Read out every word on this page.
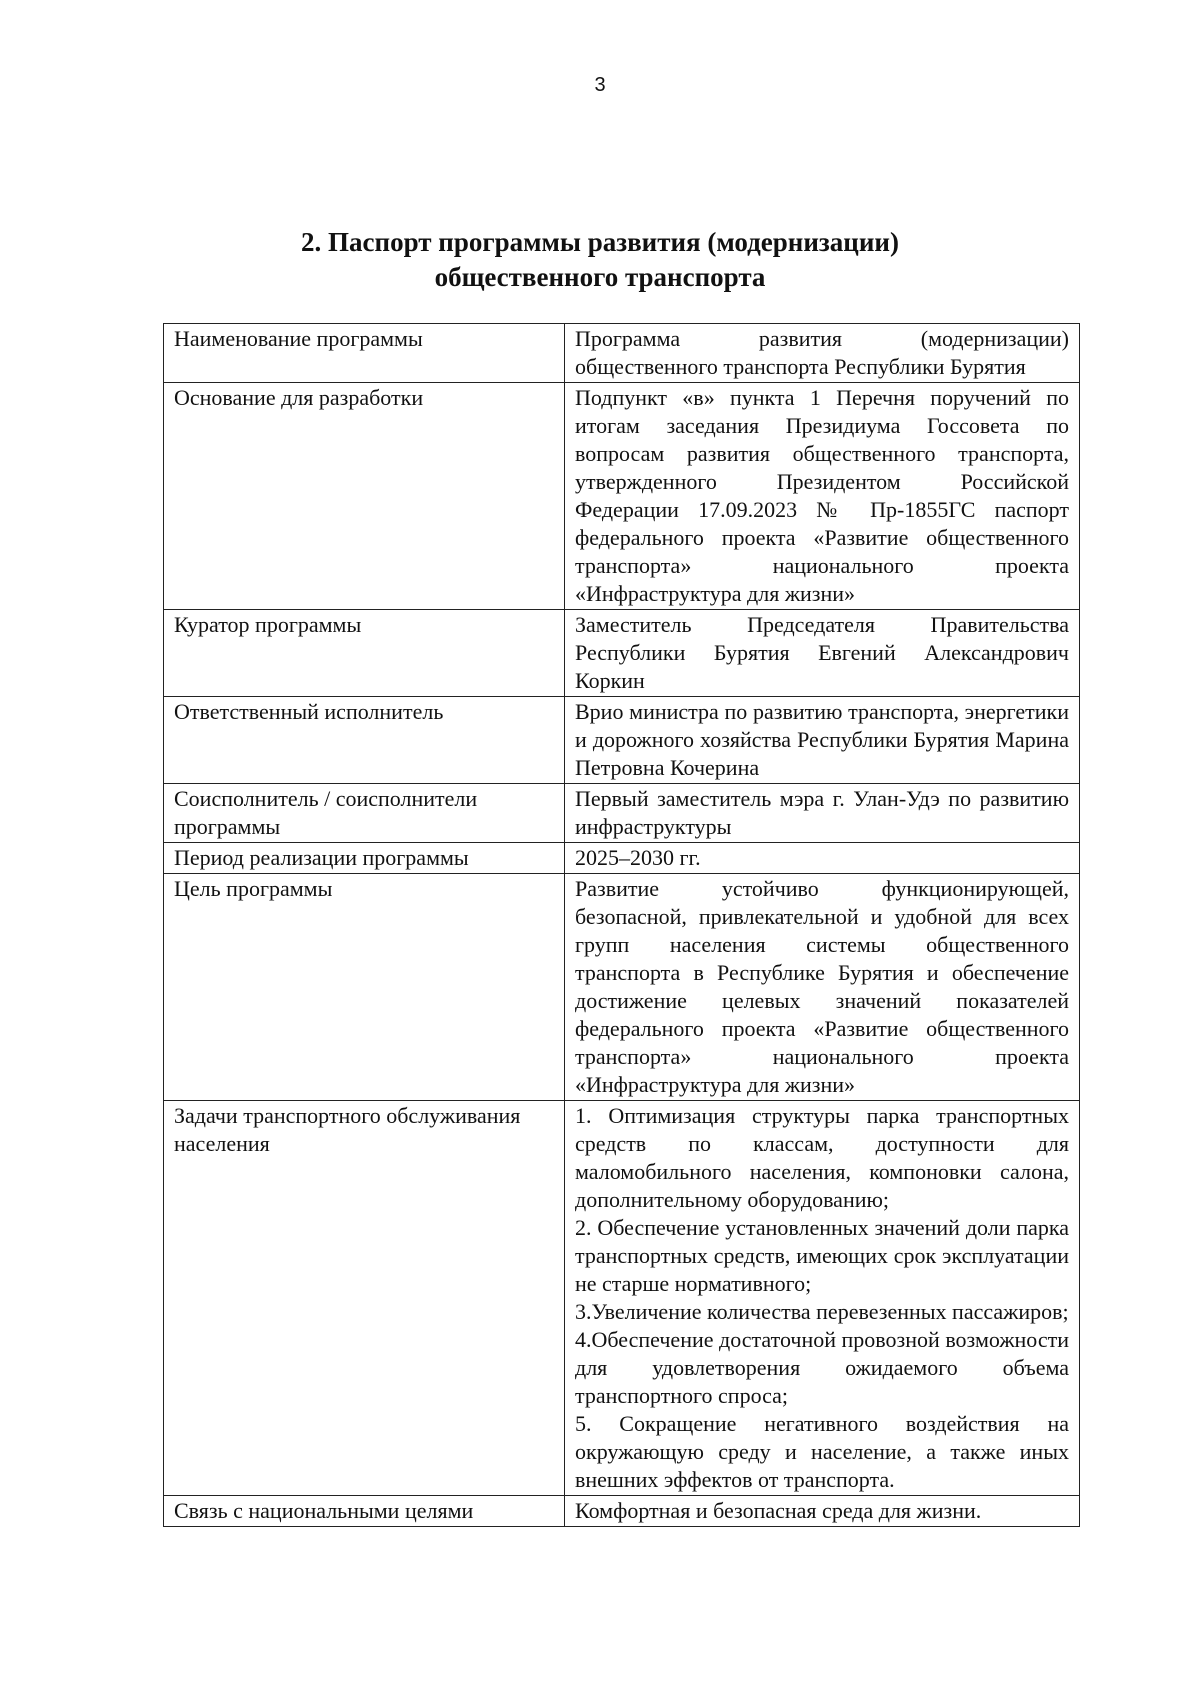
3
2. Паспорт программы развития (модернизации)
общественного транспорта
Наименование программы	Программа развития (модернизации) общественного транспорта Республики Бурятия

Основание для разработки	Подпункт «в» пункта 1 Перечня поручений по итогам заседания Президиума Госсовета по вопросам развития общественного транспорта, утвержденного Президентом Российской Федерации 17.09.2023 № Пр-1855ГС паспорт федерального проекта «Развитие общественного транспорта» национального проекта «Инфраструктура для жизни»

Куратор программы	Заместитель Председателя Правительства Республики Бурятия Евгений Александрович Коркин

Ответственный исполнитель	Врио министра по развитию транспорта, энергетики и дорожного хозяйства Республики Бурятия Марина Петровна Кочерина

Соисполнитель / соисполнители программы	Первый заместитель мэра г. Улан-Удэ по развитию инфраструктуры

Период реализации программы	2025–2030 гг.

Цель программы	Развитие устойчиво функционирующей, безопасной, привлекательной и удобной для всех групп населения системы общественного транспорта в Республике Бурятия и обеспечение достижение целевых значений показателей федерального проекта «Развитие общественного транспорта» национального проекта «Инфраструктура для жизни»

Задачи транспортного обслуживания населения	1. Оптимизация структуры парка транспортных средств по классам, доступности для маломобильного населения, компоновки салона, дополнительному оборудованию;
2. Обеспечение установленных значений доли парка транспортных средств, имеющих срок эксплуатации не старше нормативного;
3.Увеличение количества перевезенных пассажиров;
4.Обеспечение достаточной провозной возможности для удовлетворения ожидаемого объема транспортного спроса;
5. Сокращение негативного воздействия на окружающую среду и население, а также иных внешних эффектов от транспорта.

Связь с национальными целями	Комфортная и безопасная среда для жизни.
